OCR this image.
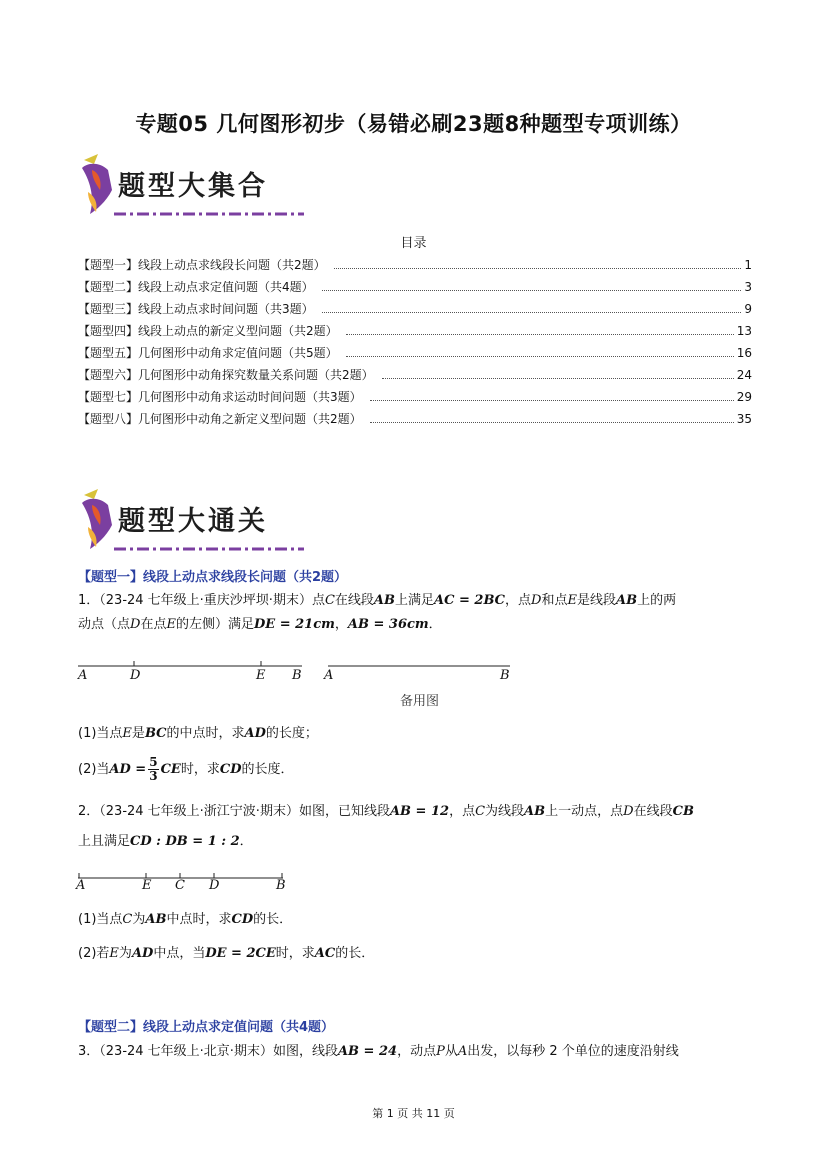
专题05 几何图形初步（易错必刷23题8种题型专项训练）
题型大集合
目录
【题型一】线段上动点求线段长问题（共2题）	1
【题型二】线段上动点求定值问题（共4题）	3
【题型三】线段上动点求时间问题（共3题）	9
【题型四】线段上动点的新定义型问题（共2题）	13
【题型五】几何图形中动角求定值问题（共5题）	16
【题型六】几何图形中动角探究数量关系问题（共2题）	24
【题型七】几何图形中动角求运动时间问题（共3题）	29
【题型八】几何图形中动角之新定义型问题（共2题）	35
题型大通关
【题型一】线段上动点求线段长问题（共2题）
1．（23-24 七年级上·重庆沙坪坝·期末）点C在线段AB上满足AC = 2BC，点D和点E是线段AB上的两
动点（点D在点E的左侧）满足DE = 21cm，AB = 36cm．
A	D	E B A	B
备用图
(1)当点E是BC的中点时，求AD的长度；
(2)当AD = $\frac{5}{3}$ CE时，求CD的长度．
2．（23-24 七年级上·浙江宁波·期末）如图，已知线段AB = 12，点C为线段AB上一动点，点D在线段CB
上且满足CD : DB = 1 : 2．
A	E C D	B
(1)当点C为AB中点时，求CD的长．
(2)若E为AD中点，当DE = 2CE时，求AC的长．
【题型二】线段上动点求定值问题（共4题）
3．（23-24 七年级上·北京·期末）如图，线段AB = 24，动点P从A出发，以每秒 2 个单位的速度沿射线
第 1 页 共 11 页
